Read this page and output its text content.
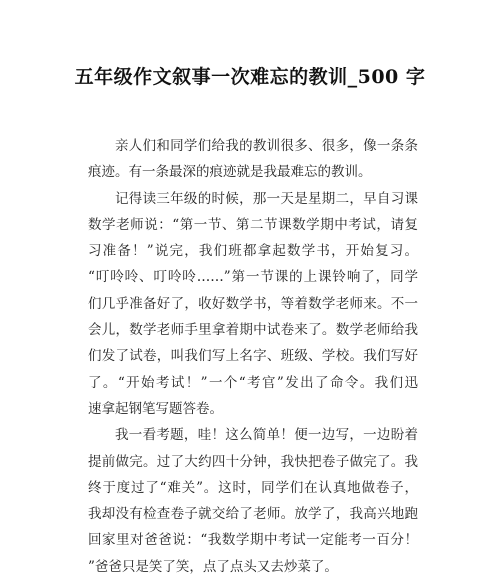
五年级作文叙事一次难忘的教训_500 字
亲人们和同学们给我的教训很多、很多，像一条条
痕迹。有一条最深的痕迹就是我最难忘的教训。
记得读三年级的时候，那一天是星期二，早自习课
数学老师说：“第一节、第二节课数学期中考试，请复
习准备！”说完，我们班都拿起数学书，开始复习。
“叮呤呤、叮呤呤……”第一节课的上课铃响了，同学
们几乎准备好了，收好数学书，等着数学老师来。不一
会儿，数学老师手里拿着期中试卷来了。数学老师给我
们发了试卷，叫我们写上名字、班级、学校。我们写好
了。“开始考试！”一个“考官”发出了命令。我们迅
速拿起钢笔写题答卷。
我一看考题，哇！这么简单！便一边写，一边盼着
提前做完。过了大约四十分钟，我快把卷子做完了。我
终于度过了“难关”。这时，同学们在认真地做卷子，
我却没有检查卷子就交给了老师。放学了，我高兴地跑
回家里对爸爸说：“我数学期中考试一定能考一百分！
”爸爸只是笑了笑，点了点头又去炒菜了。
